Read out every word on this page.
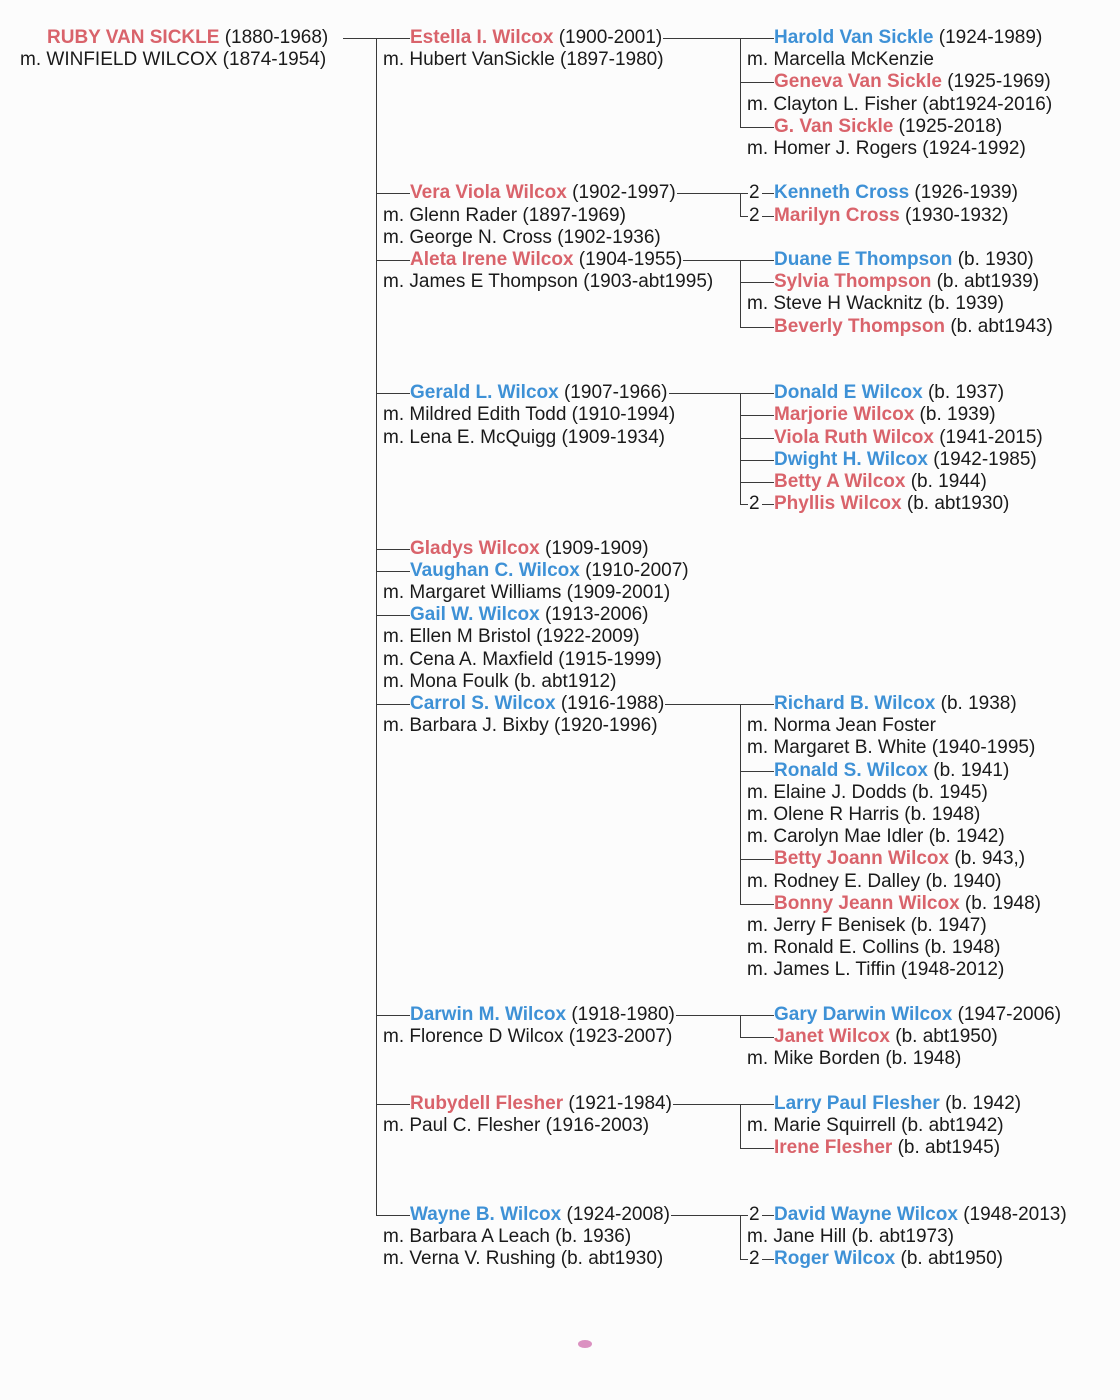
RUBY VAN SICKLE (1880-1968)
m. WINFIELD WILCOX (1874-1954)
Estella I. Wilcox (1900-2001)
m. Hubert VanSickle (1897-1980)
Harold Van Sickle (1924-1989)
m. Marcella McKenzie
Geneva Van Sickle (1925-1969)
m. Clayton L. Fisher (abt1924-2016)
G. Van Sickle (1925-2018)
m. Homer J. Rogers (1924-1992)
Vera Viola Wilcox (1902-1997)
m. Glenn Rader (1897-1969)
m. George N. Cross (1902-1936)
Kenneth Cross (1926-1939)
2
Marilyn Cross (1930-1932)
2
Aleta Irene Wilcox (1904-1955)
m. James E Thompson (1903-abt1995)
Duane E Thompson (b. 1930)
Sylvia Thompson (b. abt1939)
m. Steve H Wacknitz (b. 1939)
Beverly Thompson (b. abt1943)
Gerald L. Wilcox (1907-1966)
m. Mildred Edith Todd (1910-1994)
m. Lena E. McQuigg (1909-1934)
Donald E Wilcox (b. 1937)
Marjorie Wilcox (b. 1939)
Viola Ruth Wilcox (1941-2015)
Dwight H. Wilcox (1942-1985)
Betty A Wilcox (b. 1944)
Phyllis Wilcox (b. abt1930)
2
Gladys Wilcox (1909-1909)
Vaughan C. Wilcox (1910-2007)
m. Margaret Williams (1909-2001)
Gail W. Wilcox (1913-2006)
m. Ellen M Bristol (1922-2009)
m. Cena A. Maxfield (1915-1999)
m. Mona Foulk (b. abt1912)
Carrol S. Wilcox (1916-1988)
m. Barbara J. Bixby (1920-1996)
Richard B. Wilcox (b. 1938)
m. Norma Jean Foster
m. Margaret B. White (1940-1995)
Ronald S. Wilcox (b. 1941)
m. Elaine J. Dodds (b. 1945)
m. Olene R Harris (b. 1948)
m. Carolyn Mae Idler (b. 1942)
Betty Joann Wilcox (b. 943,)
m. Rodney E. Dalley (b. 1940)
Bonny Jeann Wilcox (b. 1948)
m. Jerry F Benisek (b. 1947)
m. Ronald E. Collins (b. 1948)
m. James L. Tiffin (1948-2012)
Darwin M. Wilcox (1918-1980)
m. Florence D Wilcox (1923-2007)
Gary Darwin Wilcox (1947-2006)
Janet Wilcox (b. abt1950)
m. Mike Borden (b. 1948)
Rubydell Flesher (1921-1984)
m. Paul C. Flesher (1916-2003)
Larry Paul Flesher (b. 1942)
m. Marie Squirrell (b. abt1942)
Irene Flesher (b. abt1945)
Wayne B. Wilcox (1924-2008)
m. Barbara A Leach (b. 1936)
m. Verna V. Rushing (b. abt1930)
David Wayne Wilcox (1948-2013)
2
m. Jane Hill (b. abt1973)
Roger Wilcox (b. abt1950)
2
